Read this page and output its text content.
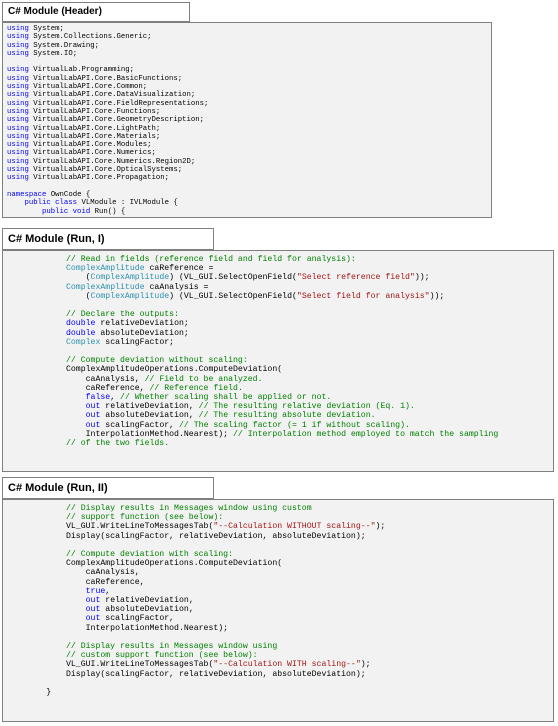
C# Module (Header)
using System;
using System.Collections.Generic;
using System.Drawing;
using System.IO;
using VirtualLab.Programming;
using VirtualLabAPI.Core.BasicFunctions;
using VirtualLabAPI.Core.Common;
using VirtualLabAPI.Core.DataVisualization;
using VirtualLabAPI.Core.FieldRepresentations;
using VirtualLabAPI.Core.Functions;
using VirtualLabAPI.Core.GeometryDescription;
using VirtualLabAPI.Core.LightPath;
using VirtualLabAPI.Core.Materials;
using VirtualLabAPI.Core.Modules;
using VirtualLabAPI.Core.Numerics;
using VirtualLabAPI.Core.Numerics.Region2D;
using VirtualLabAPI.Core.OpticalSystems;
using VirtualLabAPI.Core.Propagation;
namespace OwnCode {
public class VLModule : IVLModule {
public void Run() {
C# Module (Run, I)
// Read in fields (reference field and field for analysis):
ComplexAmplitude caReference =
(ComplexAmplitude) (VL_GUI.SelectOpenField("Select reference field"));
ComplexAmplitude caAnalysis =
(ComplexAmplitude) (VL_GUI.SelectOpenField("Select field for analysis"));
// Declare the outputs:
double relativeDeviation;
double absoluteDeviation;
Complex scalingFactor;
// Compute deviation without scaling:
ComplexAmplitudeOperations.ComputeDeviation(
caAnalysis, // Field to be analyzed.
caReference, // Reference field.
false, // Whether scaling shall be applied or not.
out relativeDeviation, // The resulting relative deviation (Eq. 1).
out absoluteDeviation, // The resulting absolute deviation.
out scalingFactor, // The scaling factor (= 1 if without scaling).
InterpolationMethod.Nearest); // Interpolation method employed to match the sampling
// of the two fields.
C# Module (Run, II)
// Display results in Messages window using custom
// support function (see below):
VL_GUI.WriteLineToMessagesTab("--Calculation WITHOUT scaling--");
Display(scalingFactor, relativeDeviation, absoluteDeviation);
// Compute deviation with scaling:
ComplexAmplitudeOperations.ComputeDeviation(
caAnalysis,
caReference,
true,
out relativeDeviation,
out absoluteDeviation,
out scalingFactor,
InterpolationMethod.Nearest);
// Display results in Messages window using
// custom support function (see below):
VL_GUI.WriteLineToMessagesTab("--Calculation WITH scaling--");
Display(scalingFactor, relativeDeviation, absoluteDeviation);
}
